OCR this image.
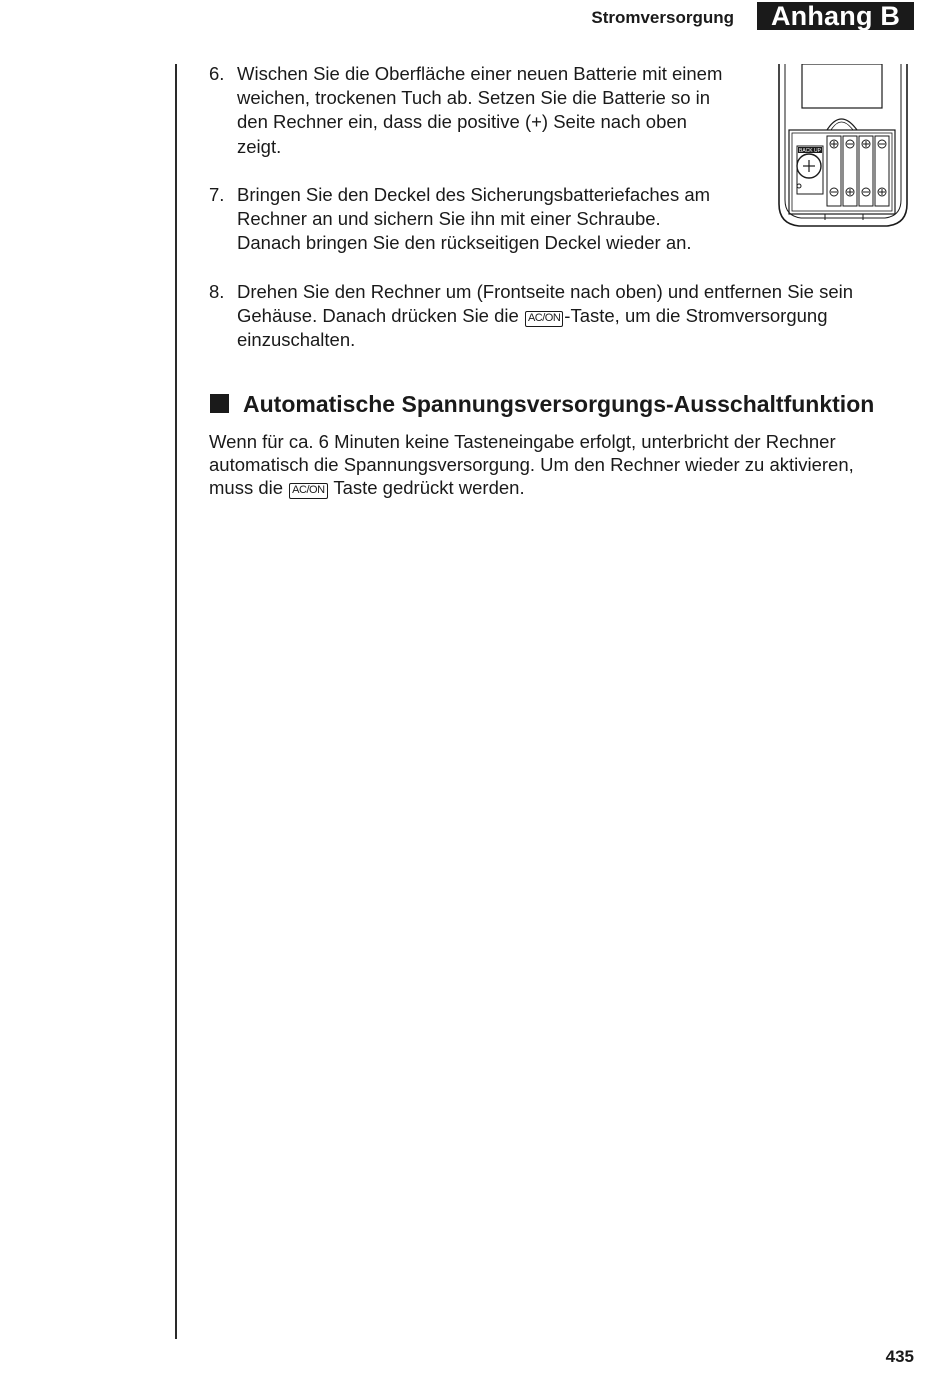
Stromversorgung	Anhang B
6. Wischen Sie die Oberfläche einer neuen Batterie mit einem
weichen, trockenen Tuch ab. Setzen Sie die Batterie so in
den Rechner ein, dass die positive (+) Seite nach oben
zeigt.
7. Bringen Sie den Deckel des Sicherungsbatteriefaches am
Rechner an und sichern Sie ihn mit einer Schraube.
Danach bringen Sie den rückseitigen Deckel wieder an.
8. Drehen Sie den Rechner um (Frontseite nach oben) und entfernen Sie sein
Gehäuse. Danach drücken Sie die AC/ON -Taste, um die Stromversorgung
einzuschalten.
BACK UP
Automatische Spannungsversorgungs-Ausschaltfunktion
Wenn für ca. 6 Minuten keine Tasteneingabe erfolgt, unterbricht der Rechner
automatisch die Spannungsversorgung. Um den Rechner wieder zu aktivieren,
muss die AC/ON Taste gedrückt werden.
435
